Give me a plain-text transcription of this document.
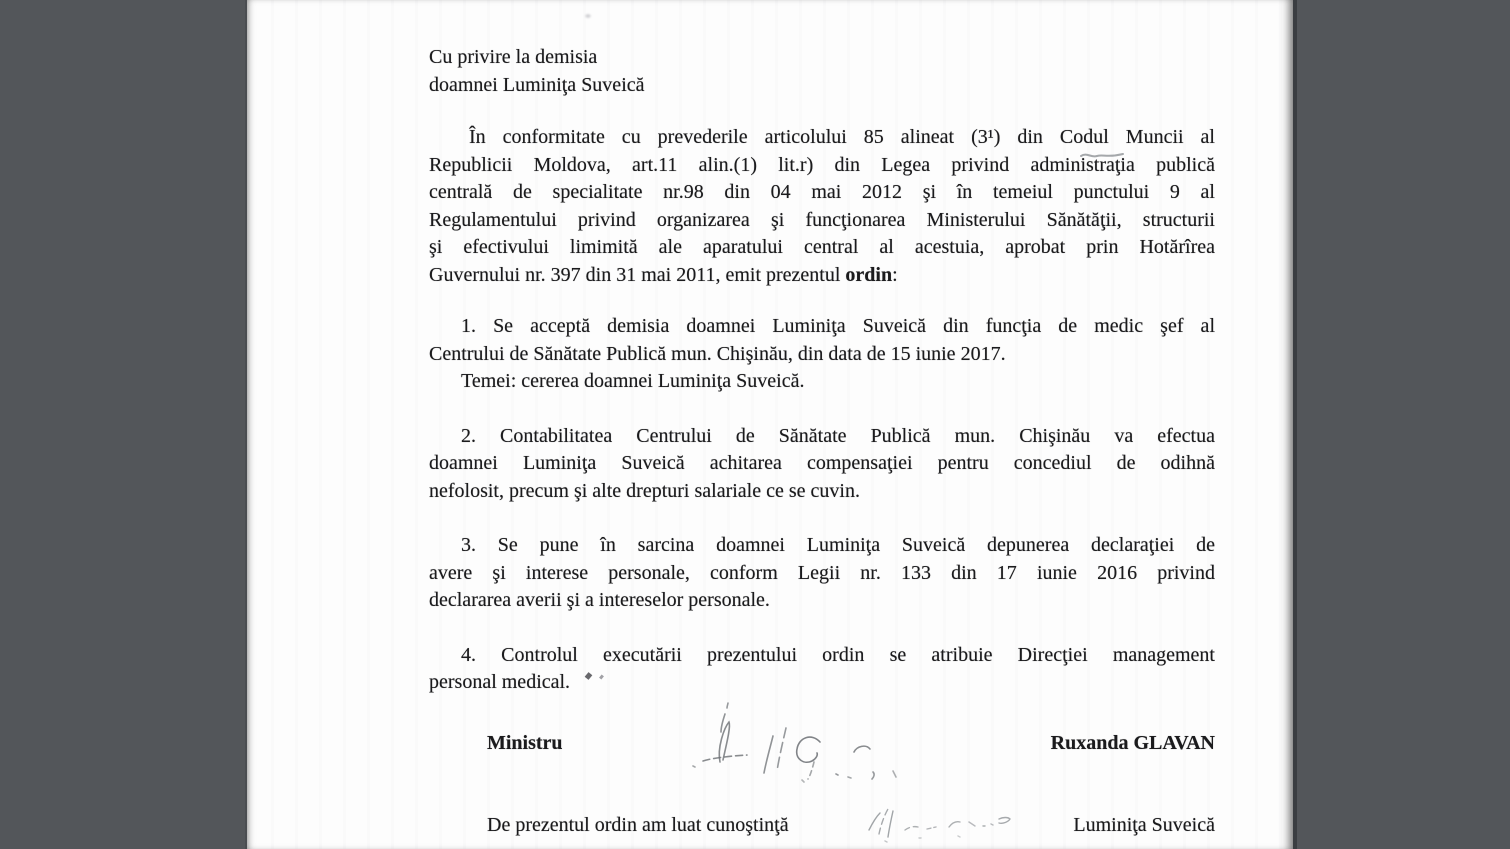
Cu privire la demisia
doamnei Luminiţa Suveică
În conformitate cu prevederile articolului 85 alineat (3¹) din Codul Muncii al
Republicii Moldova, art.11 alin.(1) lit.r) din Legea privind administraţia publică
centrală de specialitate nr.98 din 04 mai 2012 şi în temeiul punctului 9 al
Regulamentului privind organizarea şi funcţionarea Ministerului Sănătăţii, structurii
şi efectivului limimită ale aparatului central al acestuia, aprobat prin Hotărîrea
Guvernului nr. 397 din 31 mai 2011, emit prezentul ordin:
1. Se acceptă demisia doamnei Luminiţa Suveică din funcţia de medic şef al
Centrului de Sănătate Publică mun. Chişinău, din data de 15 iunie 2017.
Temei: cererea doamnei Luminiţa Suveică.
2. Contabilitatea Centrului de Sănătate Publică mun. Chişinău va efectua
doamnei Luminiţa Suveică achitarea compensaţiei pentru concediul de odihnă
nefolosit, precum şi alte drepturi salariale ce se cuvin.
3. Se pune în sarcina doamnei Luminiţa Suveică depunerea declaraţiei de
avere şi interese personale, conform Legii nr. 133 din 17 iunie 2016 privind
declararea averii şi a intereselor personale.
4. Controlul executării prezentului ordin se atribuie Direcţiei management
personal medical.
Ministru	Ruxanda GLAVAN
De prezentul ordin am luat cunoştinţă	Luminiţa Suveică
